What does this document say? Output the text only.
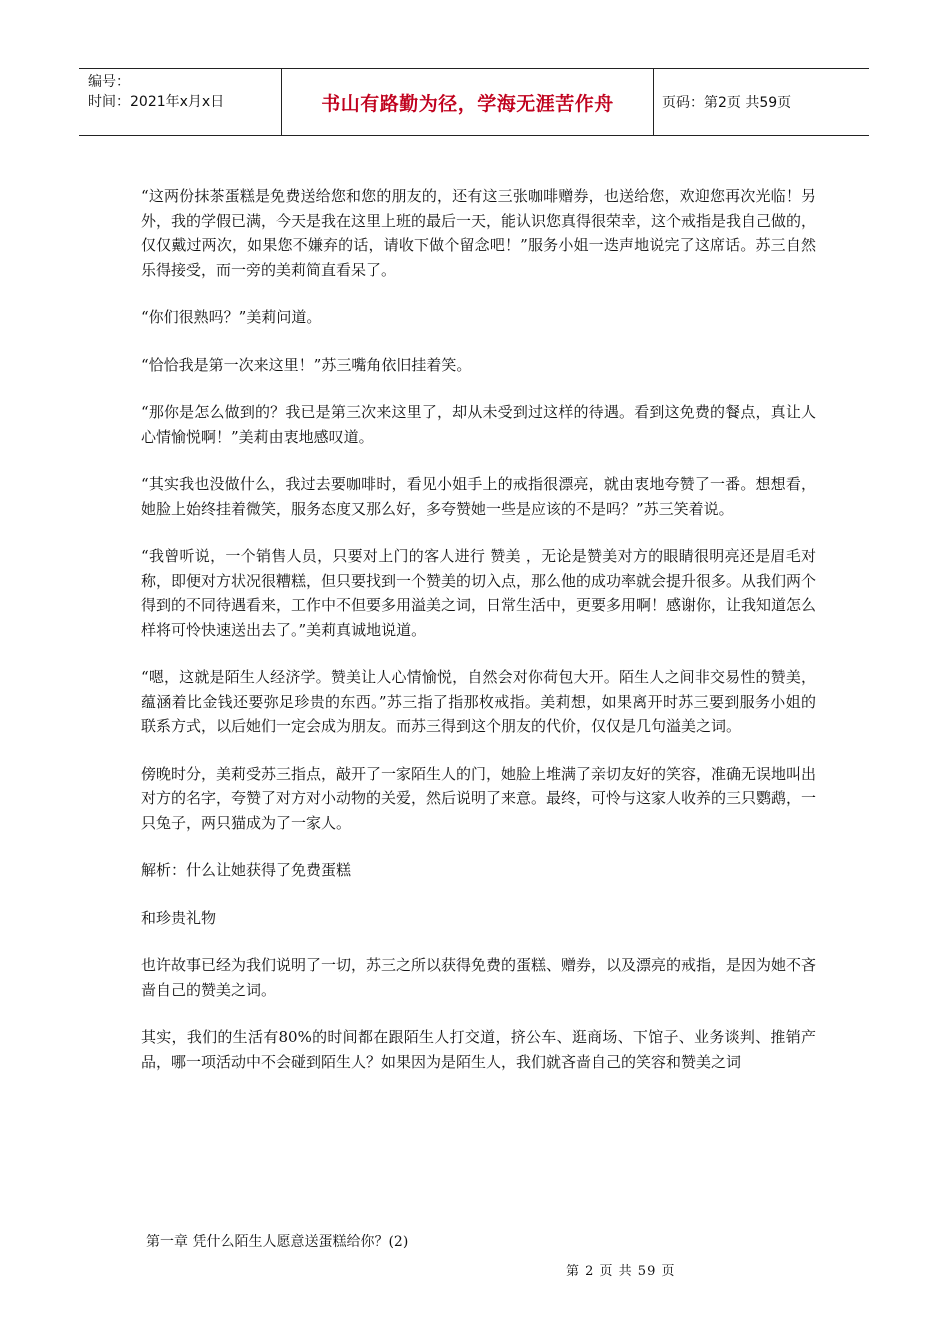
编号：
时间：2021年x月x日	书山有路勤为径，学海无涯苦作舟	页码：第2页 共59页

“这两份抹茶蛋糕是免费送给您和您的朋友的，还有这三张咖啡赠券，也送给您，欢迎您再次光临！另外，我的学假已满，今天是我在这里上班的最后一天，能认识您真得很荣幸，这个戒指是我自己做的，仅仅戴过两次，如果您不嫌弃的话，请收下做个留念吧！”服务小姐一迭声地说完了这席话。苏三自然乐得接受，而一旁的美莉简直看呆了。

“你们很熟吗？”美莉问道。

“恰恰我是第一次来这里！”苏三嘴角依旧挂着笑。

“那你是怎么做到的？我已是第三次来这里了，却从未受到过这样的待遇。看到这免费的餐点，真让人心情愉悦啊！”美莉由衷地感叹道。

“其实我也没做什么，我过去要咖啡时，看见小姐手上的戒指很漂亮，就由衷地夸赞了一番。想想看，她脸上始终挂着微笑，服务态度又那么好，多夸赞她一些是应该的不是吗？”苏三笑着说。

“我曾听说，一个销售人员，只要对上门的客人进行 赞美 ，无论是赞美对方的眼睛很明亮还是眉毛对称，即便对方状况很糟糕，但只要找到一个赞美的切入点，那么他的成功率就会提升很多。从我们两个得到的不同待遇看来，工作中不但要多用溢美之词，日常生活中，更要多用啊！感谢你，让我知道怎么样将可怜快速送出去了。”美莉真诚地说道。

“嗯，这就是陌生人经济学。赞美让人心情愉悦，自然会对你荷包大开。陌生人之间非交易性的赞美，蕴涵着比金钱还要弥足珍贵的东西。”苏三指了指那枚戒指。美莉想，如果离开时苏三要到服务小姐的联系方式，以后她们一定会成为朋友。而苏三得到这个朋友的代价，仅仅是几句溢美之词。

傍晚时分，美莉受苏三指点，敲开了一家陌生人的门，她脸上堆满了亲切友好的笑容，准确无误地叫出对方的名字，夸赞了对方对小动物的关爱，然后说明了来意。最终，可怜与这家人收养的三只鹦鹉，一只兔子，两只猫成为了一家人。

解析：什么让她获得了免费蛋糕

和珍贵礼物

也许故事已经为我们说明了一切，苏三之所以获得免费的蛋糕、赠券，以及漂亮的戒指，是因为她不吝啬自己的赞美之词。

其实，我们的生活有80%的时间都在跟陌生人打交道，挤公车、逛商场、下馆子、业务谈判、推销产品，哪一项活动中不会碰到陌生人？如果因为是陌生人，我们就吝啬自己的笑容和赞美之词

第一章 凭什么陌生人愿意送蛋糕给你？(2)
第 2 页 共 59 页
